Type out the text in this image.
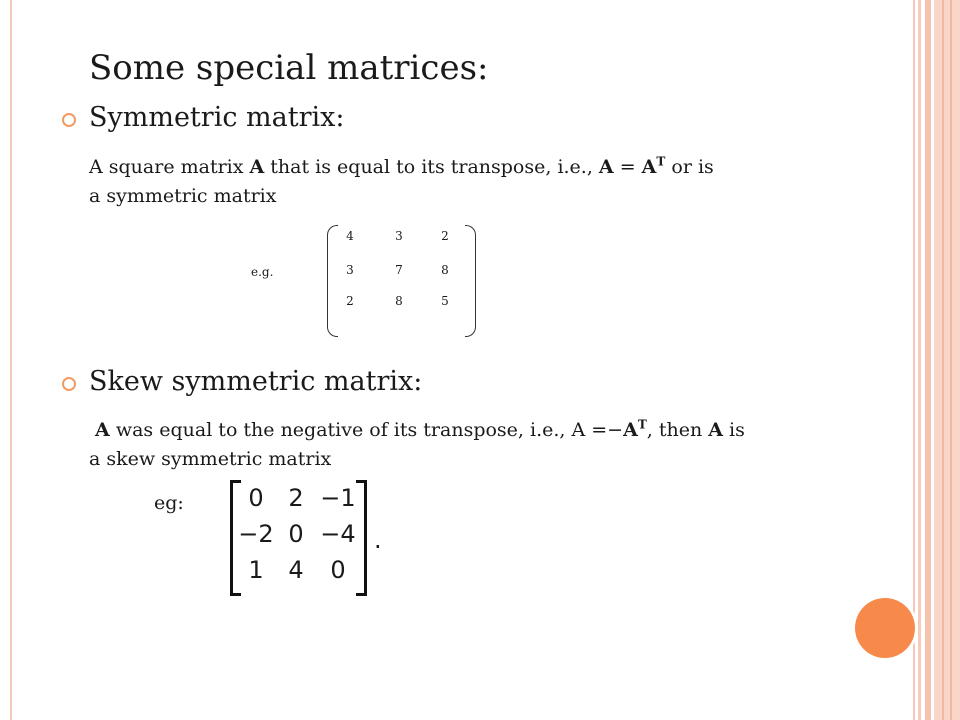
Some special matrices:
Symmetric matrix:
A square matrix A that is equal to its transpose, i.e., $A = A^T$ or is
a symmetric matrix
e.g.
4	3	2
3	7	8
2	8	5
Skew symmetric matrix:
A was equal to the negative of its transpose, i.e., $A =-A^T$, then A is
a skew symmetric matrix
eg:	0	2 −1
−2 0 −4
1	4	0
.
